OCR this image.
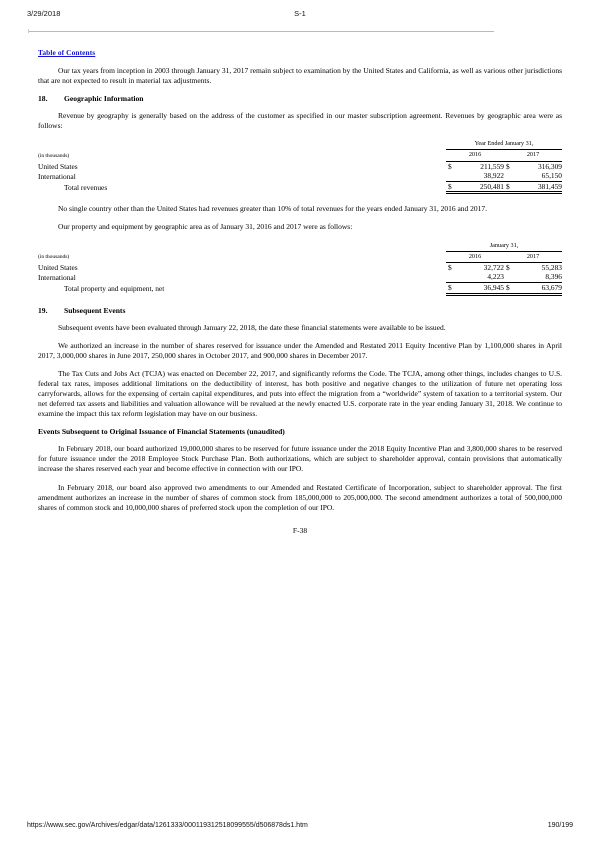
3/29/2018	S-1
Table of Contents

Our tax years from inception in 2003 through January 31, 2017 remain subject to examination by the United States and California, as well as various other jurisdictions that are not expected to result in material tax adjustments.

18. Geographic Information

Revenue by geography is generally based on the address of the customer as specified in our master subscription agreement. Revenues by geographic area were as follows:

		Year Ended January 31,	

(in thousands)		2016	2017

United States		$ 211,559	$ 316,309
International		38,922	65,150
Total revenues		$ 250,481	$ 381,459

No single country other than the United States had revenues greater than 10% of total revenues for the years ended January 31, 2016 and 2017.

Our property and equipment by geographic area as of January 31, 2016 and 2017 were as follows:

		January 31,	

(in thousands)		2016	2017

United States		$ 32,722	$ 55,283
International		4,223	8,396
Total property and equipment, net		$ 36,945	$ 63,679
19. Subsequent Events

Subsequent events have been evaluated through January 22, 2018, the date these financial statements were available to be issued.

We authorized an increase in the number of shares reserved for issuance under the Amended and Restated 2011 Equity Incentive Plan by 1,100,000 shares in April 2017, 3,000,000 shares in June 2017, 250,000 shares in October 2017, and 900,000 shares in December 2017.

The Tax Cuts and Jobs Act (TCJA) was enacted on December 22, 2017, and significantly reforms the Code. The TCJA, among other things, includes changes to U.S. federal tax rates, imposes additional limitations on the deductibility of interest, has both positive and negative changes to the utilization of future net operating loss carryforwards, allows for the expensing of certain capital expenditures, and puts into effect the migration from a “worldwide” system of taxation to a territorial system. Our net deferred tax assets and liabilities and valuation allowance will be revalued at the newly enacted U.S. corporate rate in the year ending January 31, 2018. We continue to examine the impact this tax reform legislation may have on our business.

Events Subsequent to Original Issuance of Financial Statements (unaudited)

In February 2018, our board authorized 19,000,000 shares to be reserved for future issuance under the 2018 Equity Incentive Plan and 3,800,000 shares to be reserved for future issuance under the 2018 Employee Stock Purchase Plan. Both authorizations, which are subject to shareholder approval, contain provisions that automatically increase the shares reserved each year and become effective in connection with our IPO.

In February 2018, our board also approved two amendments to our Amended and Restated Certificate of Incorporation, subject to shareholder approval. The first amendment authorizes an increase in the number of shares of common stock from 185,000,000 to 205,000,000. The second amendment authorizes a total of 500,000,000 shares of common stock and 10,000,000 shares of preferred stock upon the completion of our IPO.

F-38
https://www.sec.gov/Archives/edgar/data/1261333/000119312518099555/d506878ds1.htm	190/199
